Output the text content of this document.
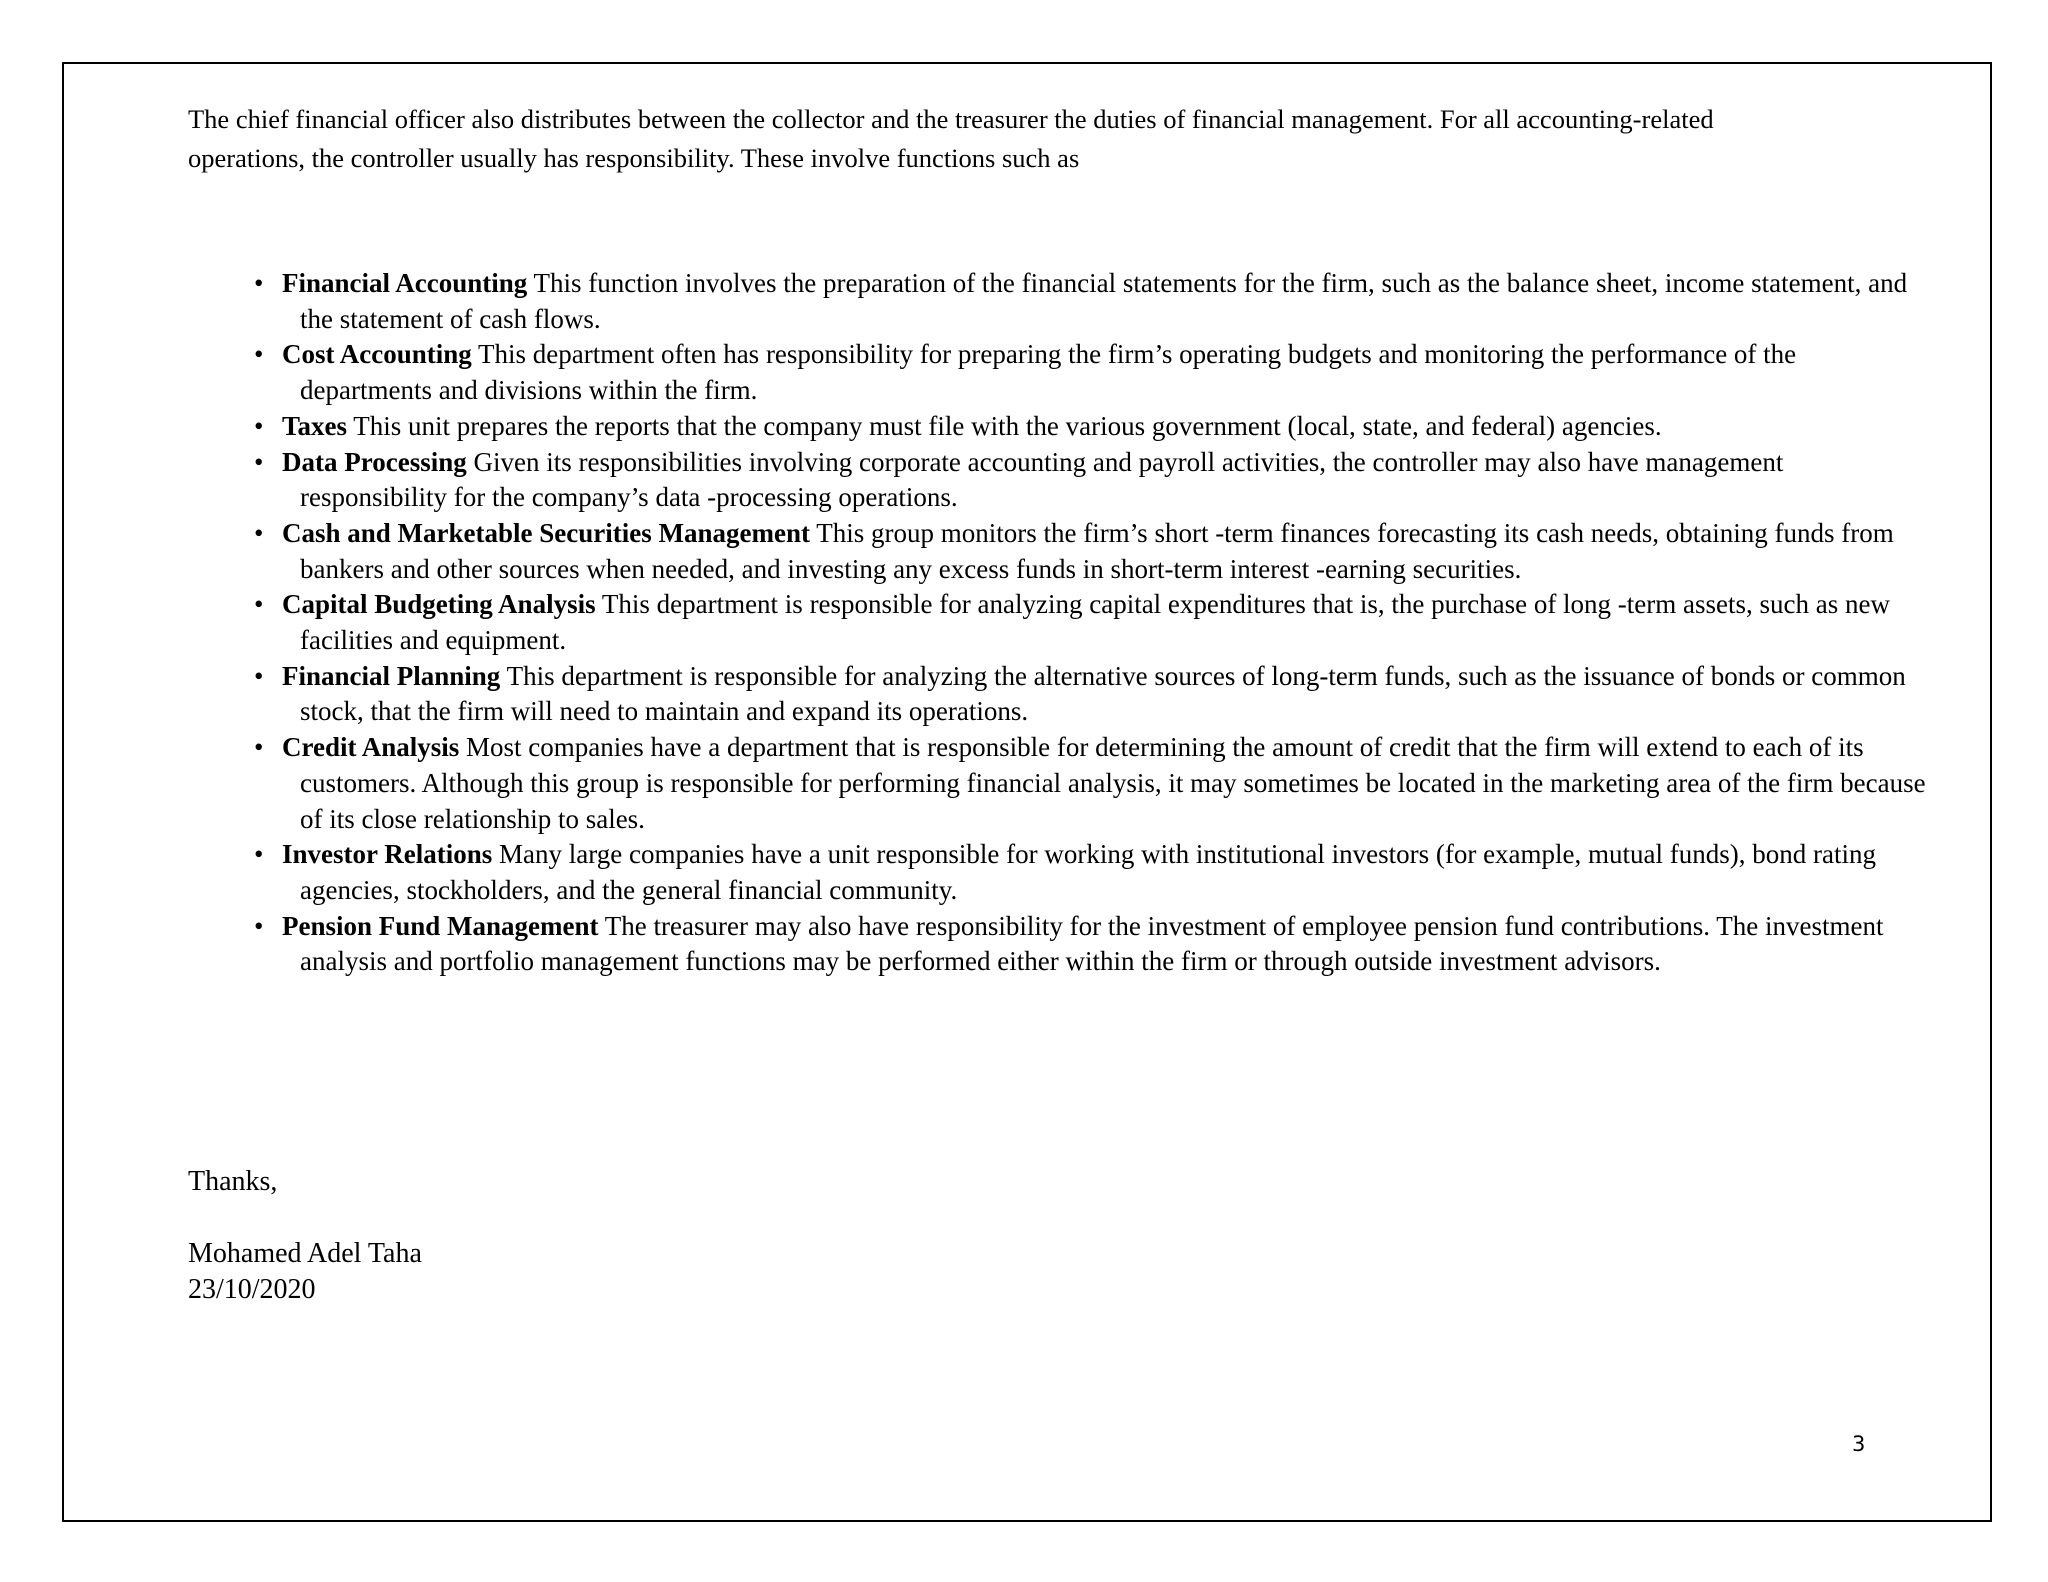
The chief financial officer also distributes between the collector and the treasurer the duties of financial management. For all accounting-related
operations, the controller usually has responsibility. These involve functions such as
• Financial Accounting This function involves the preparation of the financial statements for the firm, such as the balance sheet, income statement, and the statement of cash flows.
• Cost Accounting This department often has responsibility for preparing the firm’s operating budgets and monitoring the performance of the departments and divisions within the firm.
• Taxes This unit prepares the reports that the company must file with the various government (local, state, and federal) agencies.
• Data Processing Given its responsibilities involving corporate accounting and payroll activities, the controller may also have management responsibility for the company’s data -processing operations.
• Cash and Marketable Securities Management This group monitors the firm’s short -term finances forecasting its cash needs, obtaining funds from bankers and other sources when needed, and investing any excess funds in short-term interest -earning securities.
• Capital Budgeting Analysis This department is responsible for analyzing capital expenditures that is, the purchase of long -term assets, such as new facilities and equipment.
• Financial Planning This department is responsible for analyzing the alternative sources of long-term funds, such as the issuance of bonds or common stock, that the firm will need to maintain and expand its operations.
• Credit Analysis Most companies have a department that is responsible for determining the amount of credit that the firm will extend to each of its customers. Although this group is responsible for performing financial analysis, it may sometimes be located in the marketing area of the firm because of its close relationship to sales.
• Investor Relations Many large companies have a unit responsible for working with institutional investors (for example, mutual funds), bond rating agencies, stockholders, and the general financial community.
• Pension Fund Management The treasurer may also have responsibility for the investment of employee pension fund contributions. The investment analysis and portfolio management functions may be performed either within the firm or through outside investment advisors.

Thanks,

Mohamed Adel Taha

23/10/2020

3
